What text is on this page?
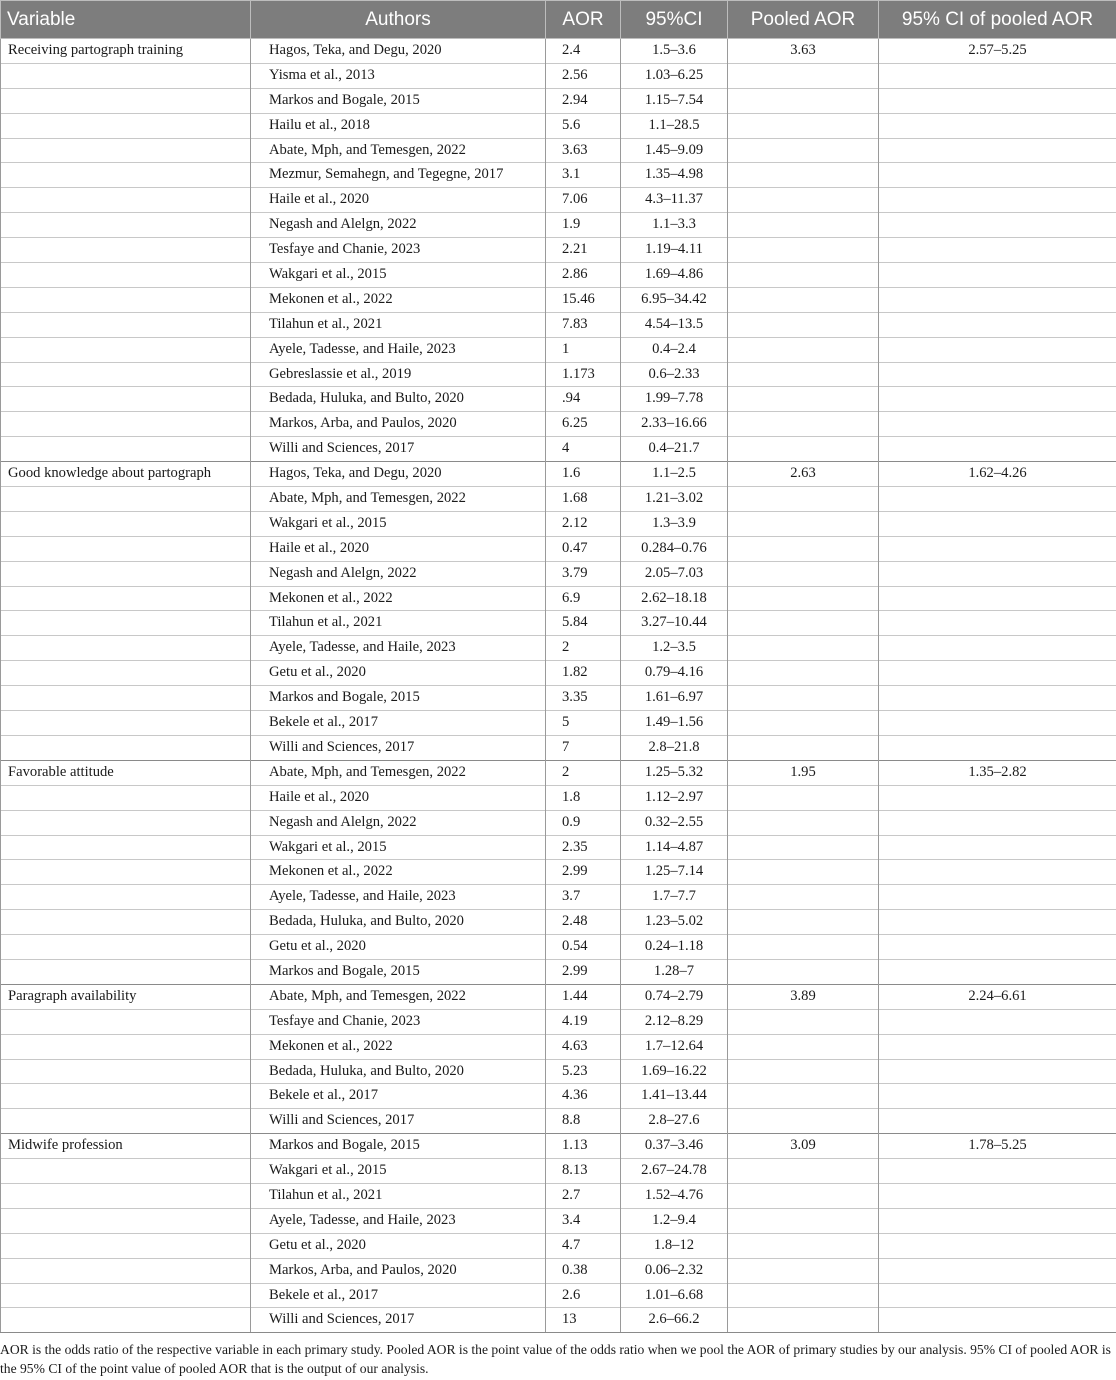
Variable	Authors	AOR	95%CI	Pooled AOR	95% CI of pooled AOR
Receiving partograph training	Hagos, Teka, and Degu, 2020	2.4	1.5–3.6	3.63	2.57–5.25
	Yisma et al., 2013	2.56	1.03–6.25		
	Markos and Bogale, 2015	2.94	1.15–7.54		
	Hailu et al., 2018	5.6	1.1–28.5		
	Abate, Mph, and Temesgen, 2022	3.63	1.45–9.09		
	Mezmur, Semahegn, and Tegegne, 2017	3.1	1.35–4.98		
	Haile et al., 2020	7.06	4.3–11.37		
	Negash and Alelgn, 2022	1.9	1.1–3.3		
	Tesfaye and Chanie, 2023	2.21	1.19–4.11		
	Wakgari et al., 2015	2.86	1.69–4.86		
	Mekonen et al., 2022	15.46	6.95–34.42		
	Tilahun et al., 2021	7.83	4.54–13.5		
	Ayele, Tadesse, and Haile, 2023	1	0.4–2.4		
	Gebreslassie et al., 2019	1.173	0.6–2.33		
	Bedada, Huluka, and Bulto, 2020	.94	1.99–7.78		
	Markos, Arba, and Paulos, 2020	6.25	2.33–16.66		
	Willi and Sciences, 2017	4	0.4–21.7		
Good knowledge about partograph	Hagos, Teka, and Degu, 2020	1.6	1.1–2.5	2.63	1.62–4.26
	Abate, Mph, and Temesgen, 2022	1.68	1.21–3.02		
	Wakgari et al., 2015	2.12	1.3–3.9		
	Haile et al., 2020	0.47	0.284–0.76		
	Negash and Alelgn, 2022	3.79	2.05–7.03		
	Mekonen et al., 2022	6.9	2.62–18.18		
	Tilahun et al., 2021	5.84	3.27–10.44		
	Ayele, Tadesse, and Haile, 2023	2	1.2–3.5		
	Getu et al., 2020	1.82	0.79–4.16		
	Markos and Bogale, 2015	3.35	1.61–6.97		
	Bekele et al., 2017	5	1.49–1.56		
	Willi and Sciences, 2017	7	2.8–21.8		
Favorable attitude	Abate, Mph, and Temesgen, 2022	2	1.25–5.32	1.95	1.35–2.82
	Haile et al., 2020	1.8	1.12–2.97		
	Negash and Alelgn, 2022	0.9	0.32–2.55		
	Wakgari et al., 2015	2.35	1.14–4.87		
	Mekonen et al., 2022	2.99	1.25–7.14		
	Ayele, Tadesse, and Haile, 2023	3.7	1.7–7.7		
	Bedada, Huluka, and Bulto, 2020	2.48	1.23–5.02		
	Getu et al., 2020	0.54	0.24–1.18		
	Markos and Bogale, 2015	2.99	1.28–7		
Paragraph availability	Abate, Mph, and Temesgen, 2022	1.44	0.74–2.79	3.89	2.24–6.61
	Tesfaye and Chanie, 2023	4.19	2.12–8.29		
	Mekonen et al., 2022	4.63	1.7–12.64		
	Bedada, Huluka, and Bulto, 2020	5.23	1.69–16.22		
	Bekele et al., 2017	4.36	1.41–13.44		
	Willi and Sciences, 2017	8.8	2.8–27.6		
Midwife profession	Markos and Bogale, 2015	1.13	0.37–3.46	3.09	1.78–5.25
	Wakgari et al., 2015	8.13	2.67–24.78		
	Tilahun et al., 2021	2.7	1.52–4.76		
	Ayele, Tadesse, and Haile, 2023	3.4	1.2–9.4		
	Getu et al., 2020	4.7	1.8–12		
	Markos, Arba, and Paulos, 2020	0.38	0.06–2.32		
	Bekele et al., 2017	2.6	1.01–6.68		
	Willi and Sciences, 2017	13	2.6–66.2		
AOR is the odds ratio of the respective variable in each primary study. Pooled AOR is the point value of the odds ratio when we pool the AOR of primary studies by our analysis. 95% CI of pooled AOR is the 95% CI of the point value of pooled AOR that is the output of our analysis.
